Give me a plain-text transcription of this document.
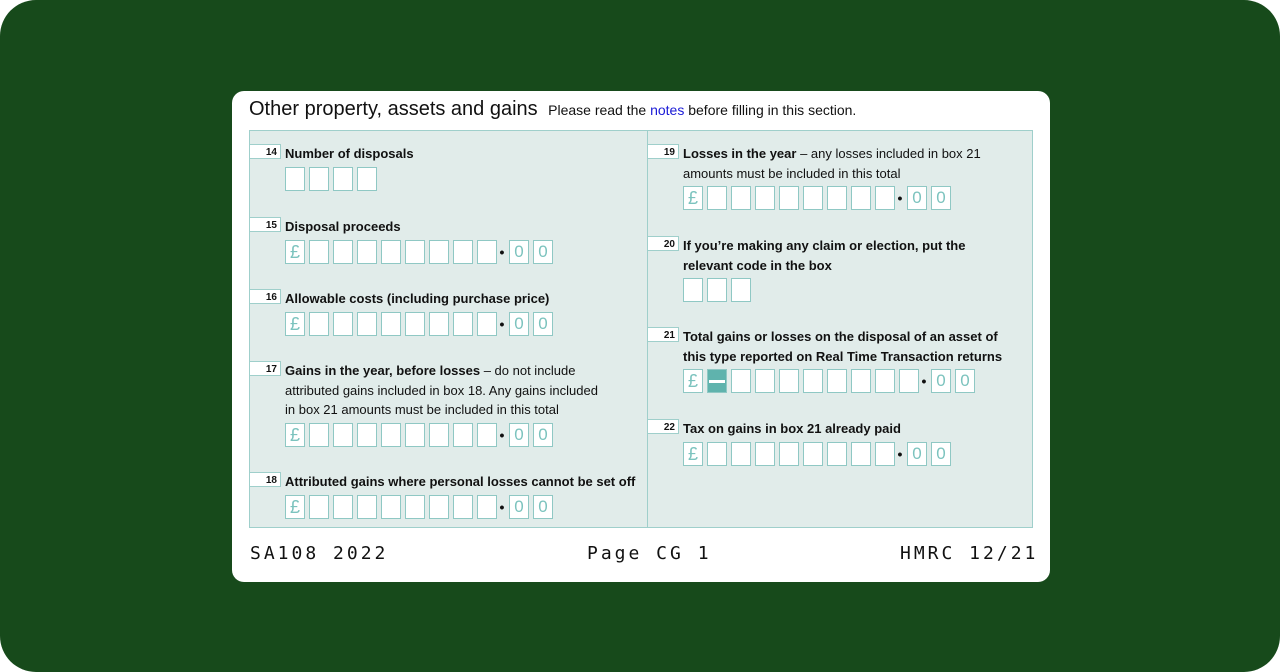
Other property, assets and gains Please read the notes before filling in this section.
14 Number of disposals
15 Disposal proceeds
£	• 0 0
16 Allowable costs (including purchase price)
£	• 0 0
17 Gains in the year, before losses – do not include
attributed gains included in box 18. Any gains included
in box 21 amounts must be included in this total
£	• 0 0
18 Attributed gains where personal losses cannot be set off
£	• 0 0
19 Losses in the year – any losses included in box 21
amounts must be included in this total
£	• 0 0
20 If you’re making any claim or election, put the
relevant code in the box
21 Total gains or losses on the disposal of an asset of
this type reported on Real Time Transaction returns
£	• 0 0
22 Tax on gains in box 21 already paid
£	• 0 0
SA108 2022	Page CG 1	HMRC 12/21
